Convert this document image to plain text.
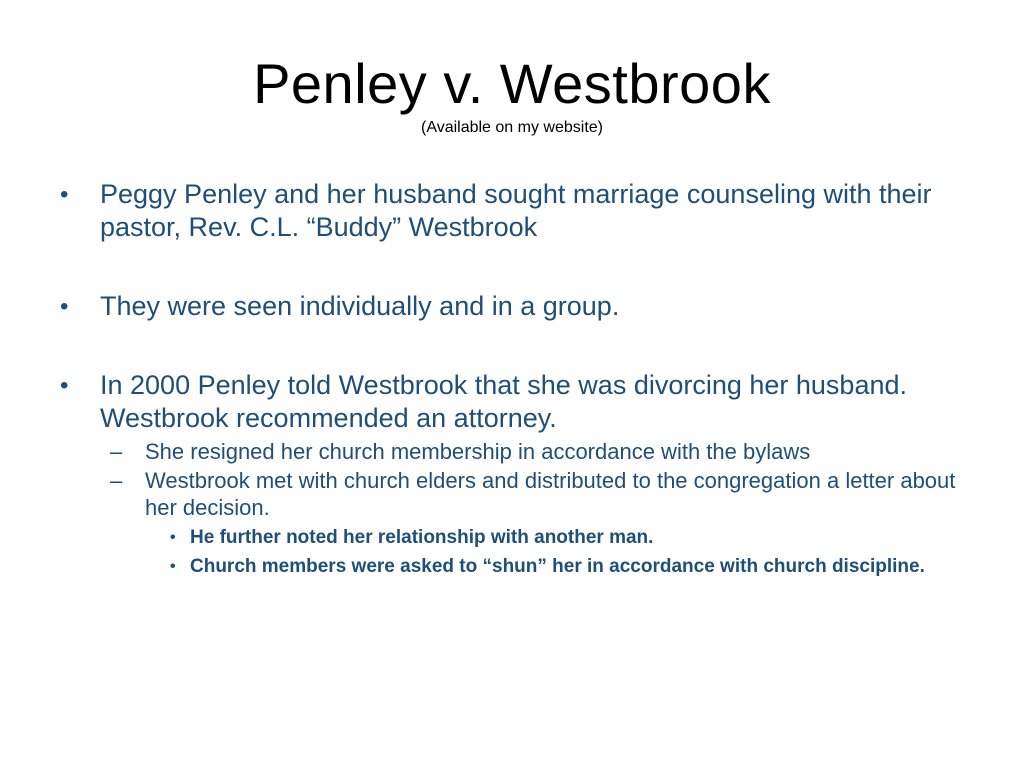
Penley v. Westbrook
(Available on my website)
•	Peggy Penley and her husband sought marriage counseling with their pastor, Rev. C.L. “Buddy” Westbrook
•	They were seen individually and in a group.
•	In 2000 Penley told Westbrook that she was divorcing her husband. Westbrook recommended an attorney.
–	She resigned her church membership in accordance with the bylaws
–	Westbrook met with church elders and distributed to the congregation a letter about her decision.
• He further noted her relationship with another man.
• Church members were asked to “shun” her in accordance with church discipline.
